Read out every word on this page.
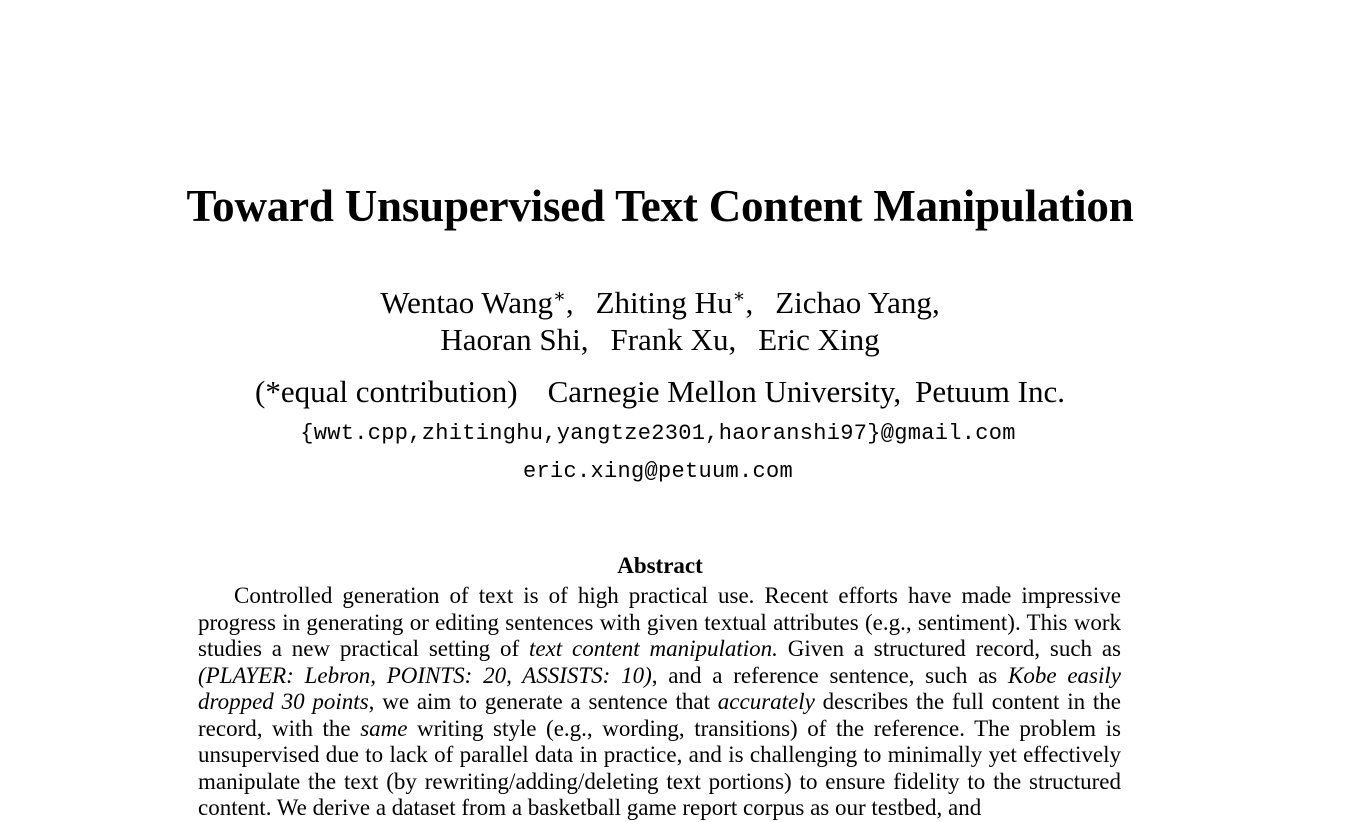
Toward Unsupervised Text Content Manipulation
Wentao Wang∗, Zhiting Hu∗, Zichao Yang,
Haoran Shi, Frank Xu, Eric Xing
(*equal contribution) Carnegie Mellon University, Petuum Inc.
{wwt.cpp,zhitinghu,yangtze2301,haoranshi97}@gmail.com
eric.xing@petuum.com
Abstract
Controlled generation of text is of high practical use. Recent efforts have made impressive progress in generating or editing sentences with given textual attributes (e.g., sentiment). This work studies a new practical setting of text content manipulation. Given a structured record, such as (PLAYER: Lebron, POINTS: 20, ASSISTS: 10), and a reference sentence, such as Kobe easily dropped 30 points, we aim to generate a sentence that accurately describes the full content in the record, with the same writing style (e.g., wording, transitions) of the reference. The problem is unsupervised due to lack of parallel data in practice, and is challenging to minimally yet effectively manipulate the text (by rewriting/adding/deleting text portions) to ensure fidelity to the structured content. We derive a dataset from a basketball game report corpus as our testbed, and
